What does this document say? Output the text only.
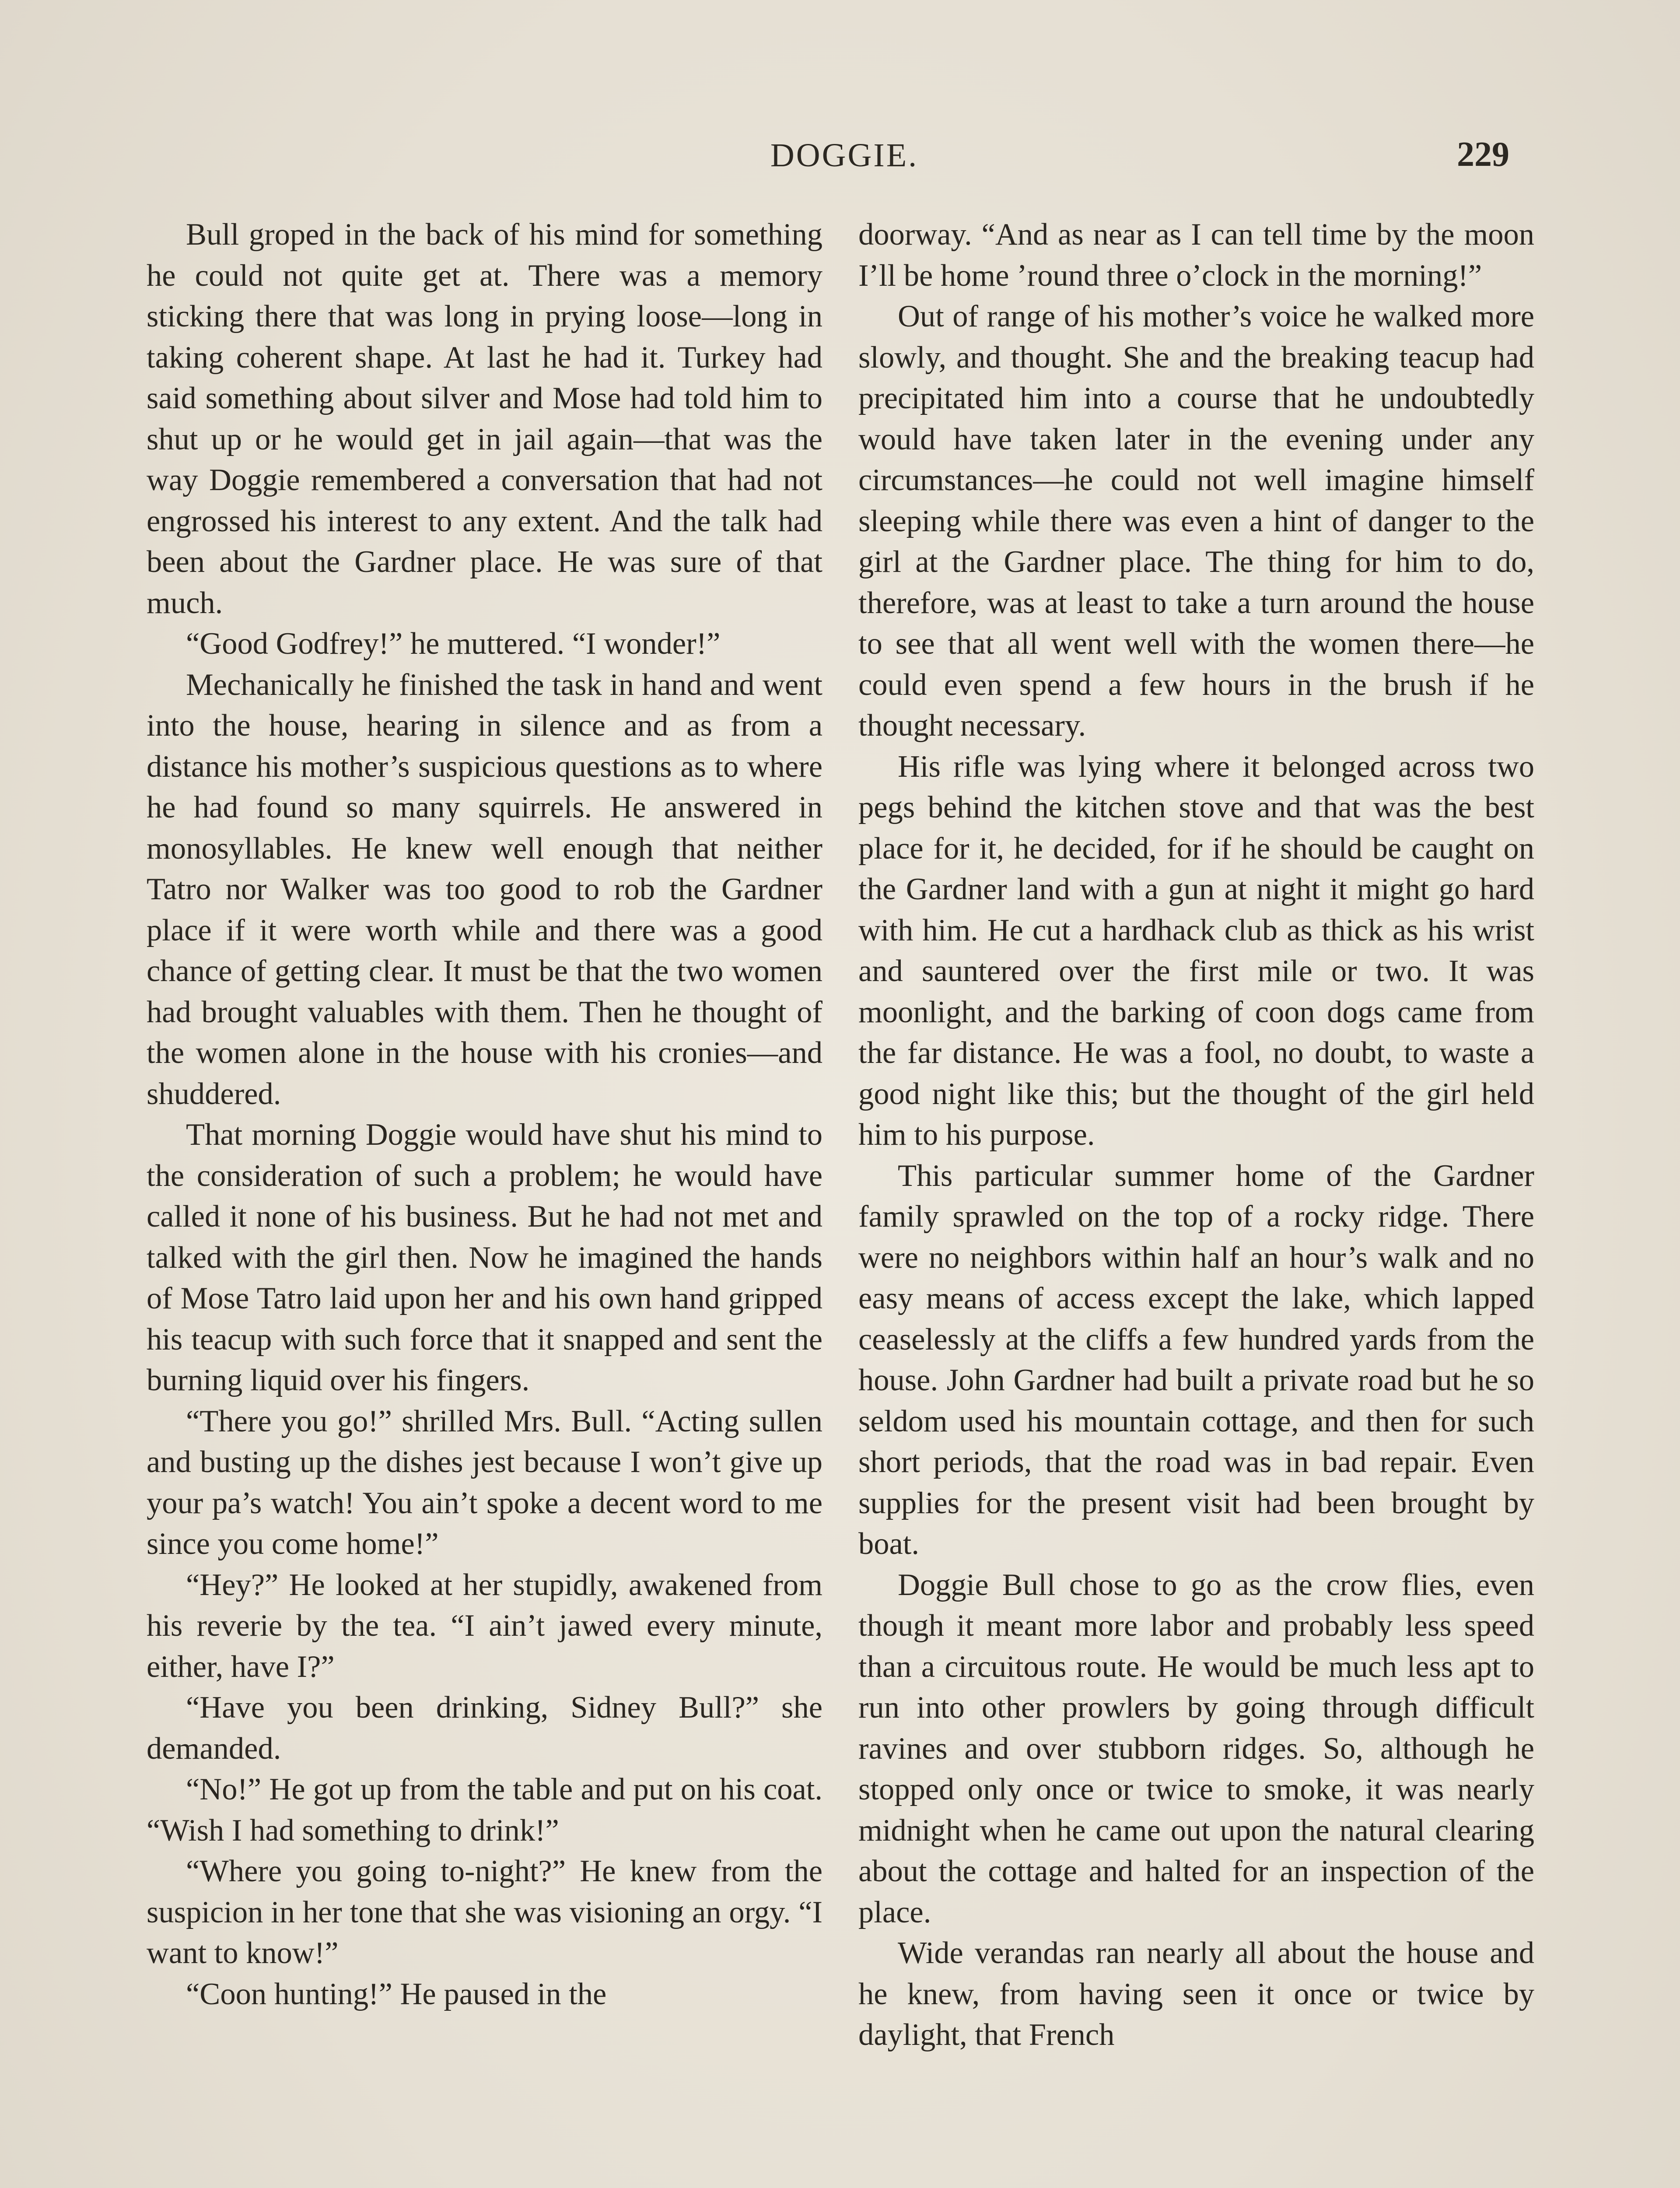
DOGGIE.	229

Bull groped in the back of his mind for something he could not quite get at. There was a memory sticking there that was long in prying loose—long in taking coherent shape. At last he had it. Turkey had said something about silver and Mose had told him to shut up or he would get in jail again—that was the way Doggie remembered a conversation that had not engrossed his interest to any extent. And the talk had been about the Gardner place. He was sure of that much.

“Good Godfrey!” he muttered. “I wonder!”

Mechanically he finished the task in hand and went into the house, hearing in silence and as from a distance his mother’s suspicious questions as to where he had found so many squirrels. He answered in monosyllables. He knew well enough that neither Tatro nor Walker was too good to rob the Gardner place if it were worth while and there was a good chance of getting clear. It must be that the two women had brought valuables with them. Then he thought of the women alone in the house with his cronies—and shuddered.

That morning Doggie would have shut his mind to the consideration of such a problem; he would have called it none of his business. But he had not met and talked with the girl then. Now he imagined the hands of Mose Tatro laid upon her and his own hand gripped his teacup with such force that it snapped and sent the burning liquid over his fingers.

“There you go!” shrilled Mrs. Bull. “Acting sullen and busting up the dishes jest because I won’t give up your pa’s watch! You ain’t spoke a decent word to me since you come home!”

“Hey?” He looked at her stupidly, awakened from his reverie by the tea. “I ain’t jawed every minute, either, have I?”

“Have you been drinking, Sidney Bull?” she demanded.

“No!” He got up from the table and put on his coat. “Wish I had something to drink!”

“Where you going to-night?” He knew from the suspicion in her tone that she was visioning an orgy. “I want to know!”

“Coon hunting!” He paused in the

doorway. “And as near as I can tell time by the moon I’ll be home ’round three o’clock in the morning!”

Out of range of his mother’s voice he walked more slowly, and thought. She and the breaking teacup had precipitated him into a course that he undoubtedly would have taken later in the evening under any circumstances—he could not well imagine himself sleeping while there was even a hint of danger to the girl at the Gardner place. The thing for him to do, therefore, was at least to take a turn around the house to see that all went well with the women there—he could even spend a few hours in the brush if he thought necessary.

His rifle was lying where it belonged across two pegs behind the kitchen stove and that was the best place for it, he decided, for if he should be caught on the Gardner land with a gun at night it might go hard with him. He cut a hardhack club as thick as his wrist and sauntered over the first mile or two. It was moonlight, and the barking of coon dogs came from the far distance. He was a fool, no doubt, to waste a good night like this; but the thought of the girl held him to his purpose.

This particular summer home of the Gardner family sprawled on the top of a rocky ridge. There were no neighbors within half an hour’s walk and no easy means of access except the lake, which lapped ceaselessly at the cliffs a few hundred yards from the house. John Gardner had built a private road but he so seldom used his mountain cottage, and then for such short periods, that the road was in bad repair. Even supplies for the present visit had been brought by boat.

Doggie Bull chose to go as the crow flies, even though it meant more labor and probably less speed than a circuitous route. He would be much less apt to run into other prowlers by going through difficult ravines and over stubborn ridges. So, although he stopped only once or twice to smoke, it was nearly midnight when he came out upon the natural clearing about the cottage and halted for an inspection of the place.

Wide verandas ran nearly all about the house and he knew, from having seen it once or twice by daylight, that French
